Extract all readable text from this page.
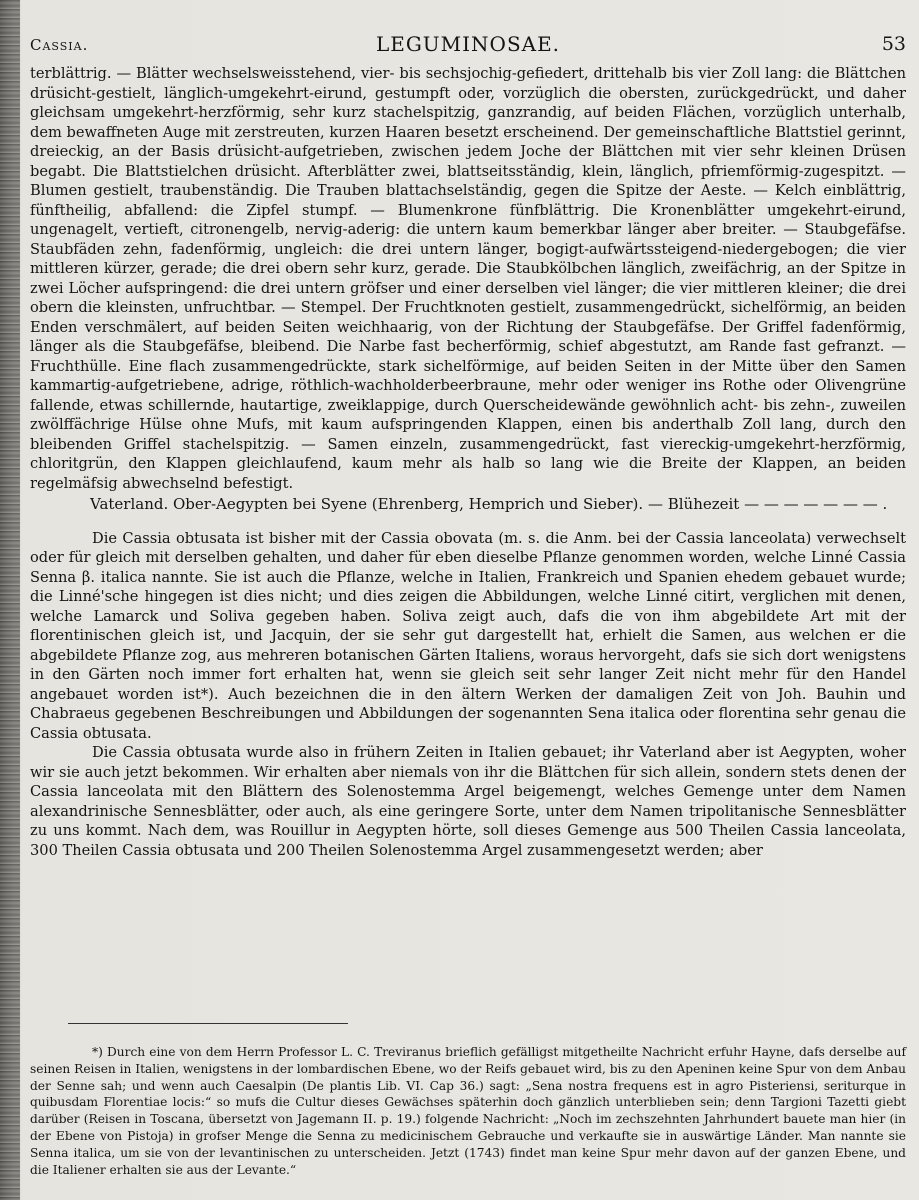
Cassia.	LEGUMINOSAE.	53

terblättrig. — Blätter wechselsweisstehend, vier- bis sechsjochig-gefiedert, drittehalb bis vier Zoll lang: die Blättchen drüsicht-gestielt, länglich-umgekehrt-eirund, gestumpft oder, vorzüglich die obersten, zurückgedrückt, und daher gleichsam umgekehrt-herzförmig, sehr kurz stachelspitzig, ganzrandig, auf beiden Flächen, vorzüglich unterhalb, dem bewaffneten Auge mit zerstreuten, kurzen Haaren besetzt erscheinend. Der gemeinschaftliche Blattstiel gerinnt, dreieckig, an der Basis drüsicht-aufgetrieben, zwischen jedem Joche der Blättchen mit vier sehr kleinen Drüsen begabt. Die Blattstielchen drüsicht. Afterblätter zwei, blattseitsständig, klein, länglich, pfriemförmig-zugespitzt. — Blumen gestielt, traubenständig. Die Trauben blattachselständig, gegen die Spitze der Aeste. — Kelch einblättrig, fünftheilig, abfallend: die Zipfel stumpf. — Blumenkrone fünfblättrig. Die Kronenblätter umgekehrt-eirund, ungenagelt, vertieft, citronengelb, nervig-aderig: die untern kaum bemerkbar länger aber breiter. — Staubgefäfse. Staubfäden zehn, fadenförmig, ungleich: die drei untern länger, bogigt-aufwärtssteigend-niedergebogen; die vier mittleren kürzer, gerade; die drei obern sehr kurz, gerade. Die Staubkölbchen länglich, zweifächrig, an der Spitze in zwei Löcher aufspringend: die drei untern gröfser und einer derselben viel länger; die vier mittleren kleiner; die drei obern die kleinsten, unfruchtbar. — Stempel. Der Fruchtknoten gestielt, zusammengedrückt, sichelförmig, an beiden Enden verschmälert, auf beiden Seiten weichhaarig, von der Richtung der Staubgefäfse. Der Griffel fadenförmig, länger als die Staubgefäfse, bleibend. Die Narbe fast becherförmig, schief abgestutzt, am Rande fast gefranzt. — Fruchthülle. Eine flach zusammengedrückte, stark sichelförmige, auf beiden Seiten in der Mitte über den Samen kammartig-aufgetriebene, adrige, röthlich-wachholderbeerbraune, mehr oder weniger ins Rothe oder Olivengrüne fallende, etwas schillernde, hautartige, zweiklappige, durch Querscheidewände gewöhnlich acht- bis zehn-, zuweilen zwölffächrige Hülse ohne Mufs, mit kaum aufspringenden Klappen, einen bis anderthalb Zoll lang, durch den bleibenden Griffel stachelspitzig. — Samen einzeln, zusammengedrückt, fast viereckig-umgekehrt-herzförmig, chloritgrün, den Klappen gleichlaufend, kaum mehr als halb so lang wie die Breite der Klappen, an beiden regelmäfsig abwechselnd befestigt.

Vaterland. Ober-Aegypten bei Syene (Ehrenberg, Hemprich und Sieber). — Blühezeit — — — — — — — .

Die Cassia obtusata ist bisher mit der Cassia obovata (m. s. die Anm. bei der Cassia lanceolata) verwechselt oder für gleich mit derselben gehalten, und daher für eben dieselbe Pflanze genommen worden, welche Linné Cassia Senna β. italica nannte. Sie ist auch die Pflanze, welche in Italien, Frankreich und Spanien ehedem gebauet wurde; die Linné'sche hingegen ist dies nicht; und dies zeigen die Abbildungen, welche Linné citirt, verglichen mit denen, welche Lamarck und Soliva gegeben haben. Soliva zeigt auch, dafs die von ihm abgebildete Art mit der florentinischen gleich ist, und Jacquin, der sie sehr gut dargestellt hat, erhielt die Samen, aus welchen er die abgebildete Pflanze zog, aus mehreren botanischen Gärten Italiens, woraus hervorgeht, dafs sie sich dort wenigstens in den Gärten noch immer fort erhalten hat, wenn sie gleich seit sehr langer Zeit nicht mehr für den Handel angebauet worden ist*). Auch bezeichnen die in den ältern Werken der damaligen Zeit von Joh. Bauhin und Chabraeus gegebenen Beschreibungen und Abbildungen der sogenannten Sena italica oder florentina sehr genau die Cassia obtusata.

Die Cassia obtusata wurde also in frühern Zeiten in Italien gebauet; ihr Vaterland aber ist Aegypten, woher wir sie auch jetzt bekommen. Wir erhalten aber niemals von ihr die Blättchen für sich allein, sondern stets denen der Cassia lanceolata mit den Blättern des Solenostemma Argel beigemengt, welches Gemenge unter dem Namen alexandrinische Sennesblätter, oder auch, als eine geringere Sorte, unter dem Namen tripolitanische Sennesblätter zu uns kommt. Nach dem, was Rouillur in Aegypten hörte, soll dieses Gemenge aus 500 Theilen Cassia lanceolata, 300 Theilen Cassia obtusata und 200 Theilen Solenostemma Argel zusammengesetzt werden; aber

*) Durch eine von dem Herrn Professor L. C. Treviranus brieflich gefälligst mitgetheilte Nachricht erfuhr Hayne, dafs derselbe auf seinen Reisen in Italien, wenigstens in der lombardischen Ebene, wo der Reifs gebauet wird, bis zu den Apeninen keine Spur von dem Anbau der Senne sah; und wenn auch Caesalpin (De plantis Lib. VI. Cap 36.) sagt: „Sena nostra frequens est in agro Pisteriensi, seriturque in quibusdam Florentiae locis:“ so mufs die Cultur dieses Gewächses späterhin doch gänzlich unterblieben sein; denn Targioni Tazetti giebt darüber (Reisen in Toscana, übersetzt von Jagemann II. p. 19.) folgende Nachricht: „Noch im zechszehnten Jahrhundert bauete man hier (in der Ebene von Pistoja) in grofser Menge die Senna zu medicinischem Gebrauche und verkaufte sie in auswärtige Länder. Man nannte sie Senna italica, um sie von der levantinischen zu unterscheiden. Jetzt (1743) findet man keine Spur mehr davon auf der ganzen Ebene, und die Italiener erhalten sie aus der Levante.“
